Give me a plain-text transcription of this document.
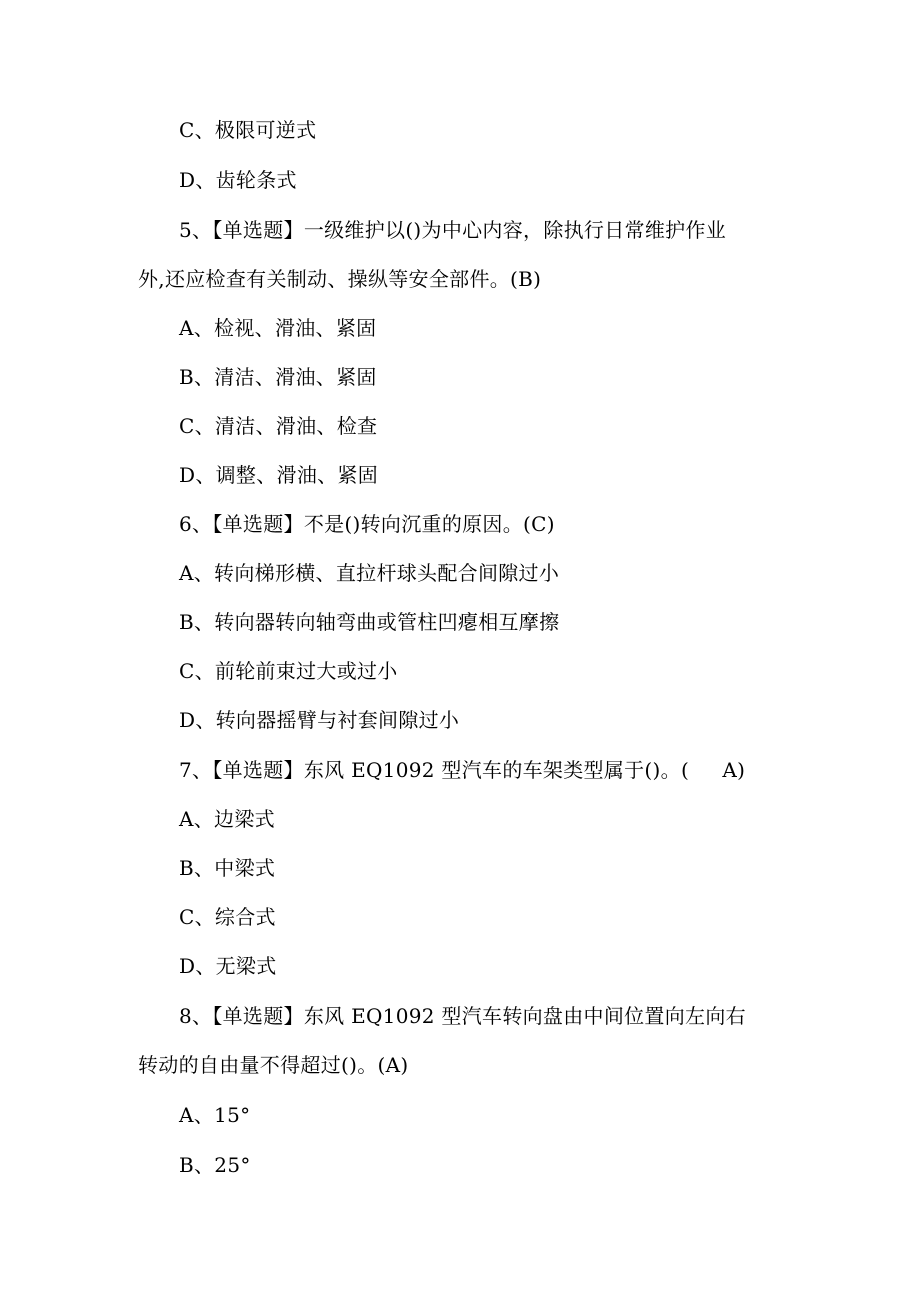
C、极限可逆式
D、齿轮条式
5、【单选题】一级维护以()为中心内容，除执行日常维护作业
外,还应检查有关制动、操纵等安全部件。(B)
A、检视、滑油、紧固
B、清洁、滑油、紧固
C、清洁、滑油、检查
D、调整、滑油、紧固
6、【单选题】不是()转向沉重的原因。(C)
A、转向梯形横、直拉杆球头配合间隙过小
B、转向器转向轴弯曲或管柱凹瘪相互摩擦
C、前轮前束过大或过小
D、转向器摇臂与衬套间隙过小
7、【单选题】东风 EQ1092 型汽车的车架类型属于()。(     A)
A、边梁式
B、中梁式
C、综合式
D、无梁式
8、【单选题】东风 EQ1092 型汽车转向盘由中间位置向左向右
转动的自由量不得超过()。(A)
A、15°
B、25°
